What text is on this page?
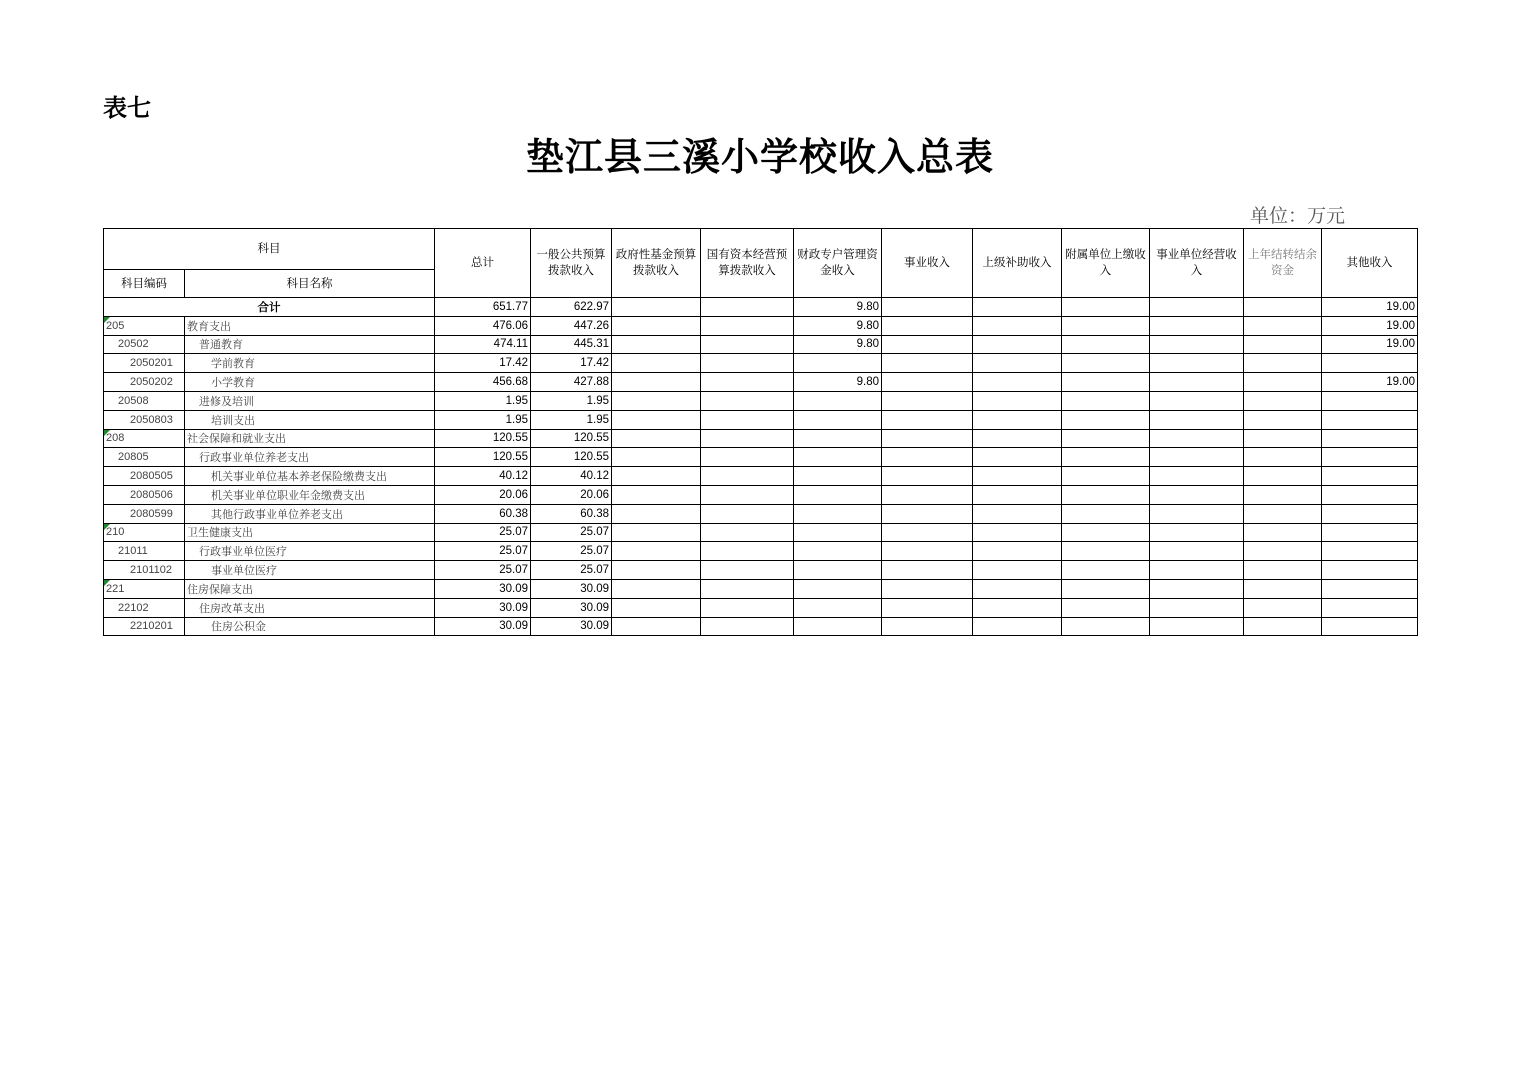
表七
垫江县三溪小学校收入总表
单位：万元
科目		总计	一般公共预算拨款收入	政府性基金预算拨款收入	国有资本经营预算拨款收入	财政专户管理资金收入	事业收入	上级补助收入	附属单位上缴收入	事业单位经营收入	上年结转结余资金	其他收入
科目编码	科目名称											
合计		651.77	622.97			9.80						19.00
205	教育支出	476.06	447.26			9.80						19.00
20502	普通教育	474.11	445.31			9.80						19.00
2050201	学前教育	17.42	17.42									
2050202	小学教育	456.68	427.88			9.80						19.00
20508	进修及培训	1.95	1.95									
2050803	培训支出	1.95	1.95									
208	社会保障和就业支出	120.55	120.55									
20805	行政事业单位养老支出	120.55	120.55									
2080505	机关事业单位基本养老保险缴费支出	40.12	40.12									
2080506	机关事业单位职业年金缴费支出	20.06	20.06									
2080599	其他行政事业单位养老支出	60.38	60.38									
210	卫生健康支出	25.07	25.07									
21011	行政事业单位医疗	25.07	25.07									
2101102	事业单位医疗	25.07	25.07									
221	住房保障支出	30.09	30.09									
22102	住房改革支出	30.09	30.09									
2210201	住房公积金	30.09	30.09									
